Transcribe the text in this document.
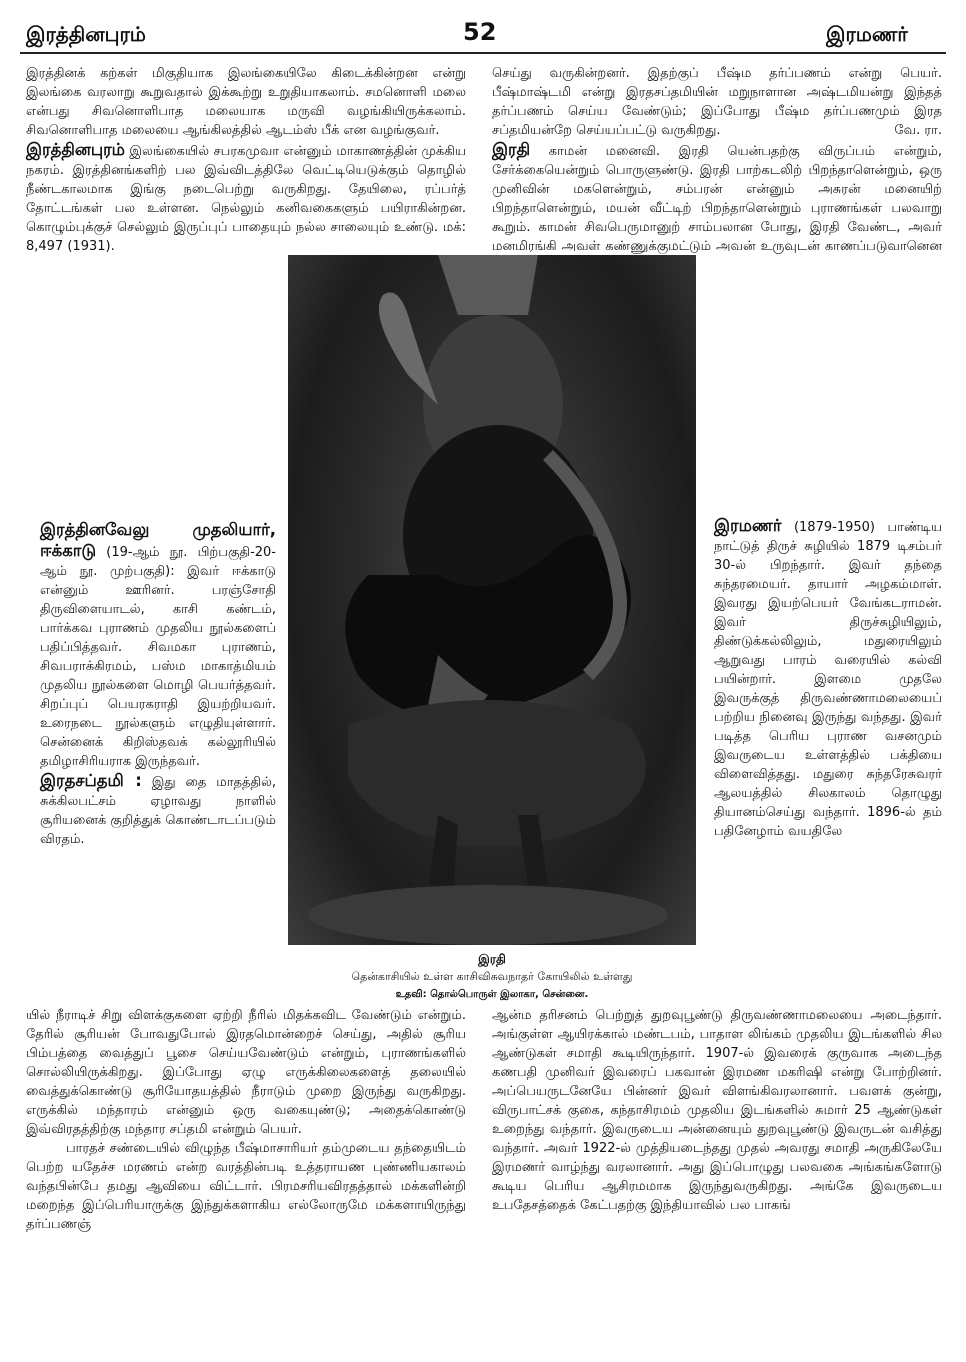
இரத்தினபுரம்	52	இரமணர்

இரத்தினக் கற்கள் மிகுதியாக இலங்கையிலே கிடைக்கின்றன என்று இலங்கை வரலாறு கூறுவதால் இக்கூற்று உறுதியாகலாம். சமனொளி மலை என்பது சிவனொளிபாத மலையாக மருவி வழங்கியிருக்கலாம். சிவனொளிபாத மலையை ஆங்கிலத்தில் ஆடம்ஸ் பீக் என வழங்குவர்.

இரத்தினபுரம் இலங்கையில் சபரகமுவா என்னும் மாகாணத்தின் முக்கிய நகரம். இரத்தினங்களிற் பல இவ்விடத்திலே வெட்டியெடுக்கும் தொழில் நீண்டகாலமாக இங்கு நடைபெற்று வருகிறது. தேயிலை, ரப்பர்த் தோட்டங்கள் பல உள்ளன. நெல்லும் கனிவகைகளும் பயிராகின்றன. கொழும்புக்குச் செல்லும் இருப்புப் பாதையும் நல்ல சாலையும் உண்டு. மக்: 8,497 (1931).

இரத்தினவேலு முதலியார், ஈக்காடு (19-ஆம் நூ. பிற்பகுதி-20-ஆம் நூ. முற்பகுதி): இவர் ஈக்காடு என்னும் ஊரினர். பரஞ்சோதி திருவிளையாடல், காசி கண்டம், பார்க்கவ புராணம் முதலிய நூல்களைப் பதிப்பித்தவர். சிவமகா புராணம், சிவபராக்கிரமம், பஸ்ம மாகாத்மியம் முதலிய நூல்களை மொழி பெயர்த்தவர். சிறப்புப் பெயரகராதி இயற்றியவர். உரைநடை நூல்களும் எழுதியுள்ளார். சென்னைக் கிறிஸ்தவக் கல்லூரியில் தமிழாசிரியராக இருந்தவர்.

இரதசப்தமி : இது தை மாதத்தில், சுக்கிலபட்சம் ஏழாவது நாளில் சூரியனைக் குறித்துக் கொண்டாடப்படும் விரதம்.

செய்து வருகின்றனர். இதற்குப் பீஷ்ம தர்ப்பணம் என்று பெயர். பீஷ்மாஷ்டமி என்று இரதசப்தமியின் மறுநாளான அஷ்டமியன்று இந்தத் தர்ப்பணம் செய்ய வேண்டும்; இப்போது பீஷ்ம தர்ப்பணமும் இரத சப்தமியன்றே செய்யப்பட்டு வருகிறது.	வே. ரா.

இரதி காமன் மனைவி. இரதி யென்பதற்கு விருப்பம் என்றும், சேர்க்கையென்றும் பொருளுண்டு. இரதி பாற்கடலிற் பிறந்தாளென்றும், ஒரு முனிவின் மகளென்றும், சம்பரன் என்னும் அசுரன் மனையிற் பிறந்தாளென்றும், மயன் வீட்டிற் பிறந்தாளென்றும் புராணங்கள் பலவாறு கூறும். காமன் சிவபெருமானுற் சாம்பலான போது, இரதி வேண்ட, அவர் மனமிரங்கி அவள் கண்ணுக்குமட்டும் அவன் உருவுடன் காணப்படுவானென

இரமணர் (1879-1950) பாண்டிய நாட்டுத் திருச் சுழியில் 1879 டிசம்பர் 30-ல் பிறந்தார். இவர் தந்தை சுந்தரமையர். தாயார் அழகம்மாள். இவரது இயற்பெயர் வேங்கடராமன். இவர் திருச்சுழியிலும், திண்டுக்கல்லிலும், மதுரையிலும் ஆறுவது பாரம் வரையில் கல்வி பயின்றார். இளமை முதலே இவருக்குத் திருவண்ணாமலையைப் பற்றிய நினைவு இருந்து வந்தது. இவர் படித்த பெரிய புராண வசனமும் இவருடைய உள்ளத்தில் பக்தியை விளைவித்தது. மதுரை சுந்தரேசுவரர் ஆலயத்தில் சிலகாலம் தொழுது தியானம்செய்து வந்தார். 1896-ல் தம் பதினேழாம் வயதிலே

இரதி
தென்காசியில் உள்ள காசிவிசுவநாதர் கோயிலில் உள்ளது
உதவி: தொல்பொருள் இலாகா, சென்னை.

யில் நீராடிச் சிறு விளக்குகளை ஏற்றி நீரில் மிதக்கவிட வேண்டும் என்றும். தேரில் சூரியன் போவதுபோல் இரதமொன்றைச் செய்து, அதில் சூரிய பிம்பத்தை வைத்துப் பூசை செய்யவேண்டும் என்றும், புராணங்களில் சொல்லியிருக்கிறது. இப்போது ஏழு எருக்கிலைகளைத் தலையில் வைத்துக்கொண்டு சூரியோதயத்தில் நீராடும் முறை இருந்து வருகிறது. எருக்கில் மந்தாரம் என்னும் ஒரு வகையுண்டு; அதைக்கொண்டு இவ்விரதத்திற்கு மந்தார சப்தமி என்றும் பெயர்.

பாரதச் சண்டையில் விழுந்த பீஷ்மாசாரியர் தம்முடைய தந்தையிடம் பெற்ற யதேச்ச மரணம் என்ற வரத்தின்படி உத்தராயண புண்ணியகாலம் வந்தபின்பே தமது ஆவியை விட்டார். பிரமசரியவிரதத்தால் மக்களின்றி மறைந்த இப்பெரியாருக்கு இந்துக்களாகிய எல்லோருமே மக்களாயிருந்து தர்ப்பணஞ்

ஆன்ம தரிசனம் பெற்றுத் துறவுபூண்டு திருவண்ணாமலையை அடைந்தார். அங்குள்ள ஆயிரக்கால் மண்டபம், பாதாள லிங்கம் முதலிய இடங்களில் சில ஆண்டுகள் சமாதி கூடியிருந்தார். 1907-ல் இவரைக் குருவாக அடைந்த கணபதி முனிவர் இவரைப் பகவான் இரமண மகரிஷி என்று போற்றினர். அப்பெயருடனேயே பின்னர் இவர் விளங்கிவரலானார். பவளக் குன்று, விருபாட்சக் குகை, கந்தாசிரமம் முதலிய இடங்களில் சுமார் 25 ஆண்டுகள் உறைந்து வந்தார். இவருடைய அன்னையும் துறவுபூண்டு இவருடன் வசித்து வந்தார். அவர் 1922-ல் முத்தியடைந்தது முதல் அவரது சமாதி அருகிலேயே இரமணர் வாழ்ந்து வரலானார். அது இப்பொழுது பலவகை அங்கங்களோடு கூடிய பெரிய ஆசிரமமாக இருந்துவருகிறது. அங்கே இவருடைய உபதேசத்தைக் கேட்பதற்கு இந்தியாவில் பல பாகங்
